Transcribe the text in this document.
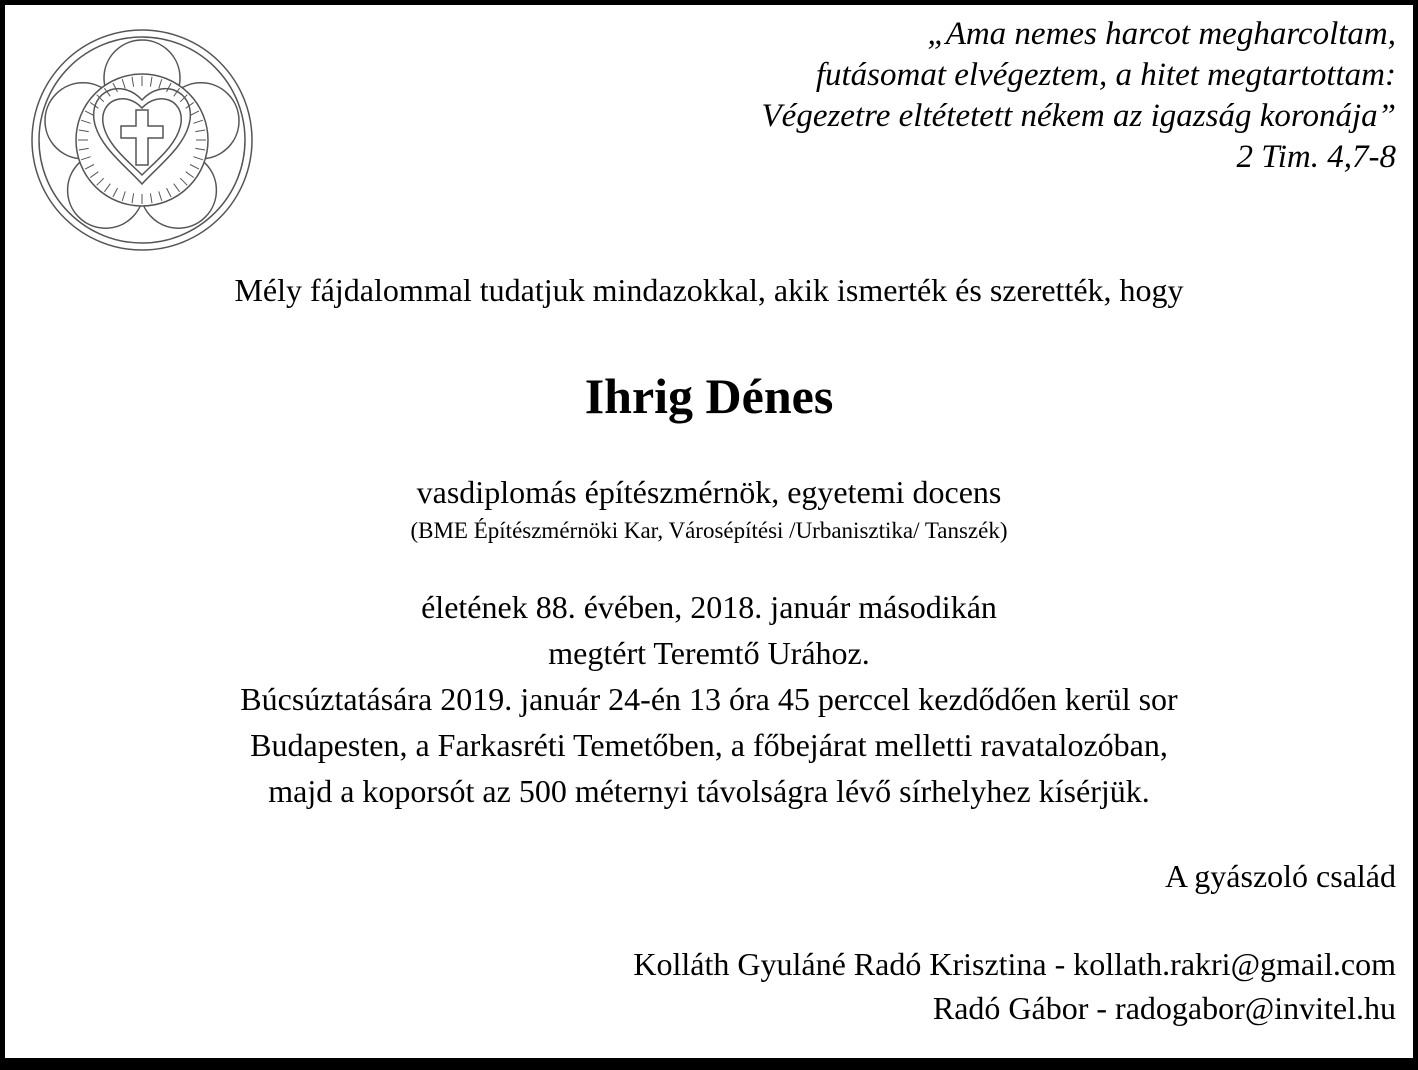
„Ama nemes harcot megharcoltam,
futásomat elvégeztem, a hitet megtartottam:
Végezetre eltétetett nékem az igazság koronája”
2 Tim. 4,7-8
Mély fájdalommal tudatjuk mindazokkal, akik ismerték és szerették, hogy
Ihrig Dénes
vasdiplomás építészmérnök, egyetemi docens
(BME Építészmérnöki Kar, Városépítési /Urbanisztika/ Tanszék)
életének 88. évében, 2018. január másodikán
megtért Teremtő Urához.
Búcsúztatására 2019. január 24-én 13 óra 45 perccel kezdődően kerül sor
Budapesten, a Farkasréti Temetőben, a főbejárat melletti ravatalozóban,
majd a koporsót az 500 méternyi távolságra lévő sírhelyhez kísérjük.
A gyászoló család
Kolláth Gyuláné Radó Krisztina - kollath.rakri@gmail.com
Radó Gábor - radogabor@invitel.hu
